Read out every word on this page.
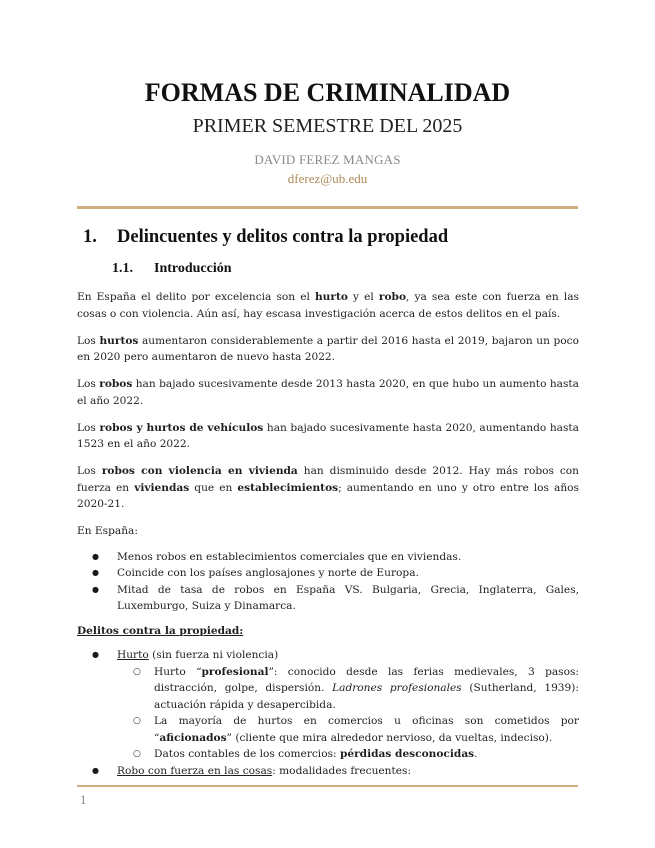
FORMAS DE CRIMINALIDAD
PRIMER SEMESTRE DEL 2025
DAVID FEREZ MANGAS
dferez@ub.edu
1. Delincuentes y delitos contra la propiedad
1.1. Introducción

En España el delito por excelencia son el hurto y el robo, ya sea este con fuerza en las cosas o con violencia. Aún así, hay escasa investigación acerca de estos delitos en el país.

Los hurtos aumentaron considerablemente a partir del 2016 hasta el 2019, bajaron un poco en 2020 pero aumentaron de nuevo hasta 2022.

Los robos han bajado sucesivamente desde 2013 hasta 2020, en que hubo un aumento hasta el año 2022.

Los robos y hurtos de vehículos han bajado sucesivamente hasta 2020, aumentando hasta 1523 en el año 2022.

Los robos con violencia en vivienda han disminuido desde 2012. Hay más robos con fuerza en viviendas que en establecimientos; aumentando en uno y otro entre los años 2020-21.

En España:

● Menos robos en establecimientos comerciales que en viviendas.
● Coincide con los países anglosajones y norte de Europa.
● Mitad de tasa de robos en España VS. Bulgaria, Grecia, Inglaterra, Gales, Luxemburgo, Suiza y Dinamarca.
Delitos contra la propiedad:
● Hurto (sin fuerza ni violencia)
○ Hurto “profesional”: conocido desde las ferias medievales, 3 pasos: distracción, golpe, dispersión. Ladrones profesionales (Sutherland, 1939): actuación rápida y desapercibida.
○ La mayoría de hurtos en comercios u oficinas son cometidos por “aficionados” (cliente que mira alrededor nervioso, da vueltas, indeciso).
○ Datos contables de los comercios: pérdidas desconocidas.
● Robo con fuerza en las cosas: modalidades frecuentes:
1
